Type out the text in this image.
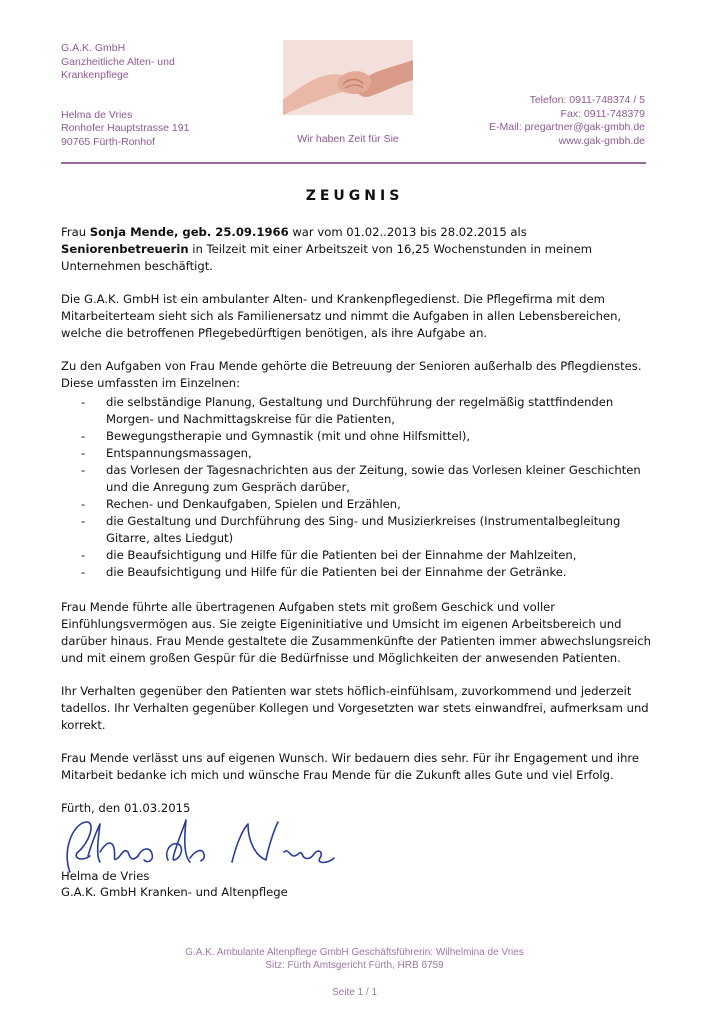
G.A.K. GmbH
Ganzheitliche Alten- und
Krankenpflege
Helma de Vries
Ronhofer Hauptstrasse 191
90765 Fürth-Ronhof	Wir haben Zeit für Sie
Telefon: 0911-748374 / 5
Fax: 0911-748379
E-Mail: pregartner@gak-gmbh.de
www.gak-gmbh.de
ZEUGNIS

Frau Sonja Mende, geb. 25.09.1966 war vom 01.02..2013 bis 28.02.2015 als Seniorenbetreuerin in Teilzeit mit einer Arbeitszeit von 16,25 Wochenstunden in meinem Unternehmen beschäftigt.

Die G.A.K. GmbH ist ein ambulanter Alten- und Krankenpflegedienst. Die Pflegefirma mit dem Mitarbeiterteam sieht sich als Familienersatz und nimmt die Aufgaben in allen Lebensbereichen, welche die betroffenen Pflegebedürftigen benötigen, als ihre Aufgabe an.

Zu den Aufgaben von Frau Mende gehörte die Betreuung der Senioren außerhalb des Pflegdienstes. Diese umfassten im Einzelnen:

- die selbständige Planung, Gestaltung und Durchführung der regelmäßig stattfindenden Morgen- und Nachmittagskreise für die Patienten,
- Bewegungstherapie und Gymnastik (mit und ohne Hilfsmittel),
- Entspannungsmassagen,
- das Vorlesen der Tagesnachrichten aus der Zeitung, sowie das Vorlesen kleiner Geschichten und die Anregung zum Gespräch darüber,
- Rechen- und Denkaufgaben, Spielen und Erzählen,
- die Gestaltung und Durchführung des Sing- und Musizierkreises (Instrumentalbegleitung Gitarre, altes Liedgut)
- die Beaufsichtigung und Hilfe für die Patienten bei der Einnahme der Mahlzeiten,
- die Beaufsichtigung und Hilfe für die Patienten bei der Einnahme der Getränke.

Frau Mende führte alle übertragenen Aufgaben stets mit großem Geschick und voller Einfühlungsvermögen aus. Sie zeigte Eigeninitiative und Umsicht im eigenen Arbeitsbereich und darüber hinaus. Frau Mende gestaltete die Zusammenkünfte der Patienten immer abwechslungsreich und mit einem großen Gespür für die Bedürfnisse und Möglichkeiten der anwesenden Patienten.

Ihr Verhalten gegenüber den Patienten war stets höflich-einfühlsam, zuvorkommend und jederzeit tadellos. Ihr Verhalten gegenüber Kollegen und Vorgesetzten war stets einwandfrei, aufmerksam und korrekt.

Frau Mende verlässt uns auf eigenen Wunsch. Wir bedauern dies sehr. Für ihr Engagement und ihre Mitarbeit bedanke ich mich und wünsche Frau Mende für die Zukunft alles Gute und viel Erfolg.

Fürth, den 01.03.2015

Helma de Vries
G.A.K. GmbH Kranken- und Altenpflege
G.A.K. Ambulante Altenpflege GmbH Geschäftsführerin: Wilhelmina de Vries
Sitz: Fürth Amtsgericht Fürth, HRB 6759
Seite 1 / 1
